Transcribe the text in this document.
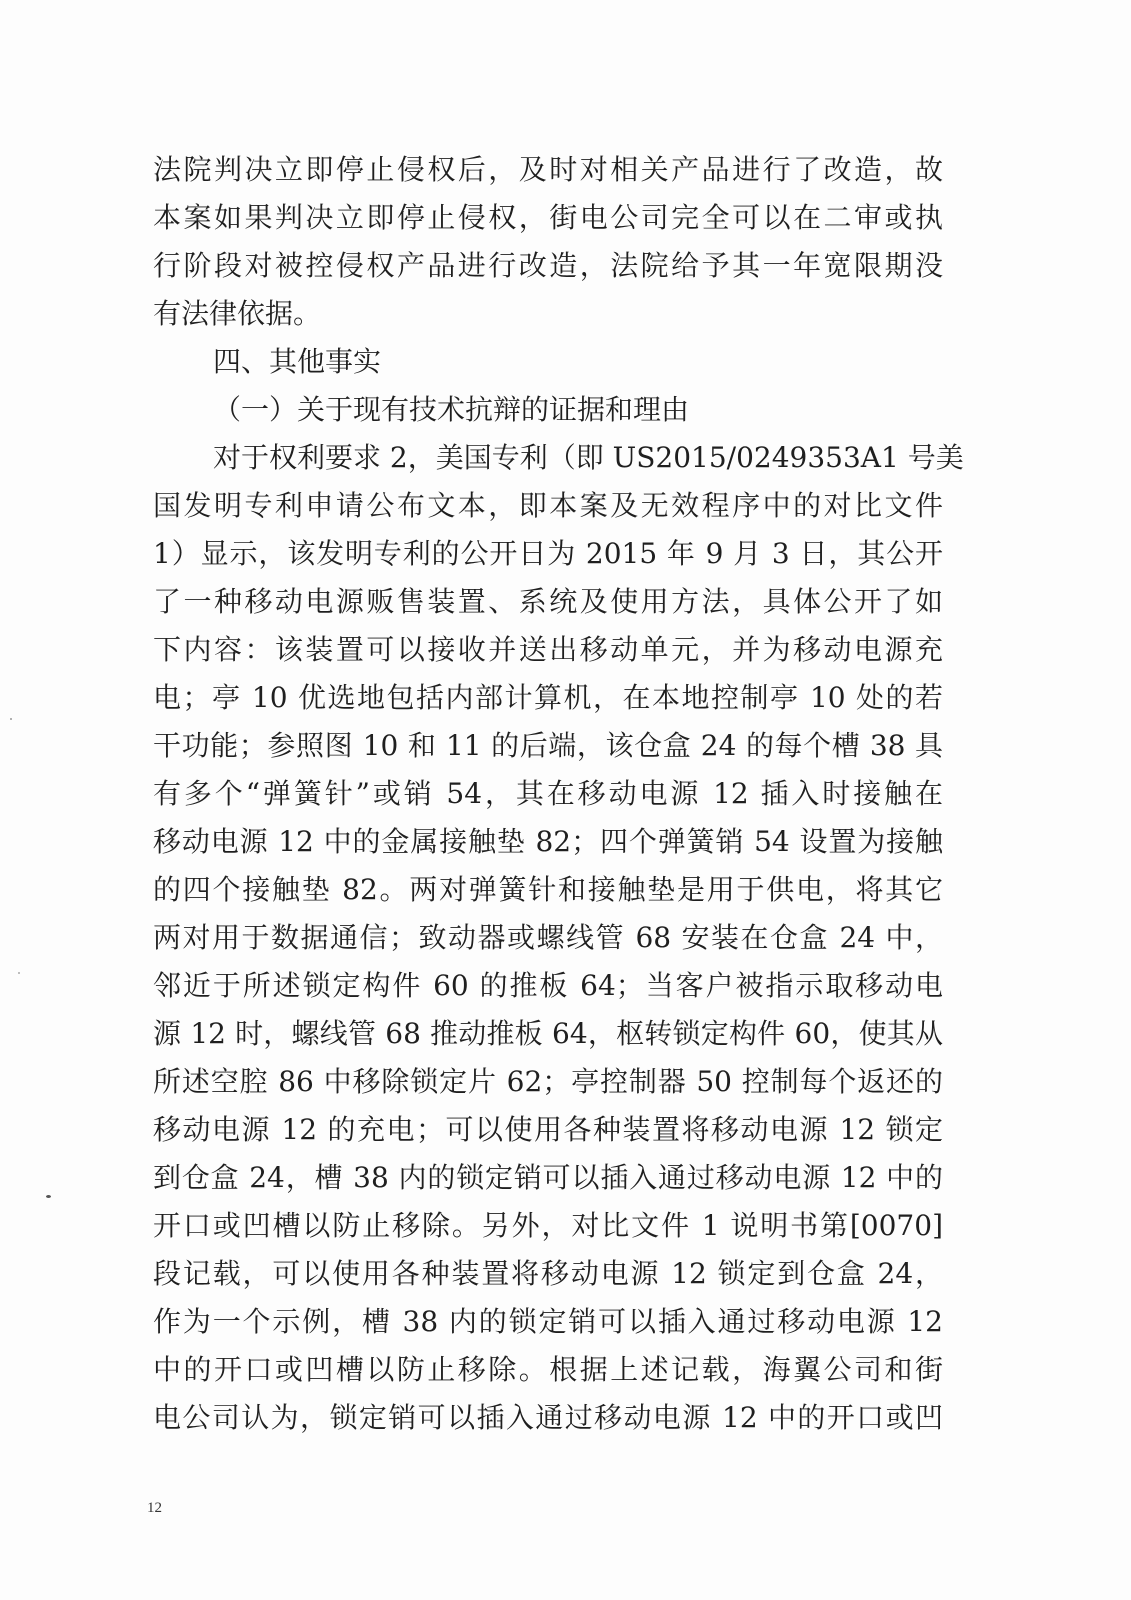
法院判决立即停止侵权后，及时对相关产品进行了改造，故
本案如果判决立即停止侵权，街电公司完全可以在二审或执
行阶段对被控侵权产品进行改造，法院给予其一年宽限期没
有法律依据。
四、其他事实
（一）关于现有技术抗辩的证据和理由
对于权利要求 2，美国专利（即 US2015/0249353A1 号美
国发明专利申请公布文本，即本案及无效程序中的对比文件
1）显示，该发明专利的公开日为 2015 年 9 月 3 日，其公开
了一种移动电源贩售装置、系统及使用方法，具体公开了如
下内容：该装置可以接收并送出移动单元，并为移动电源充
电；亭 10 优选地包括内部计算机，在本地控制亭 10 处的若
干功能；参照图 10 和 11 的后端，该仓盒 24 的每个槽 38 具
有多个“弹簧针”或销 54，其在移动电源 12 插入时接触在
移动电源 12 中的金属接触垫 82；四个弹簧销 54 设置为接触
的四个接触垫 82。两对弹簧针和接触垫是用于供电，将其它
两对用于数据通信；致动器或螺线管 68 安装在仓盒 24 中，
邻近于所述锁定构件 60 的推板 64；当客户被指示取移动电
源 12 时，螺线管 68 推动推板 64，枢转锁定构件 60，使其从
所述空腔 86 中移除锁定片 62；亭控制器 50 控制每个返还的
移动电源 12 的充电；可以使用各种装置将移动电源 12 锁定
到仓盒 24，槽 38 内的锁定销可以插入通过移动电源 12 中的
开口或凹槽以防止移除。另外，对比文件 1 说明书第[0070]
段记载，可以使用各种装置将移动电源 12 锁定到仓盒 24，
作为一个示例，槽 38 内的锁定销可以插入通过移动电源 12
中的开口或凹槽以防止移除。根据上述记载，海翼公司和街
电公司认为，锁定销可以插入通过移动电源 12 中的开口或凹
12
